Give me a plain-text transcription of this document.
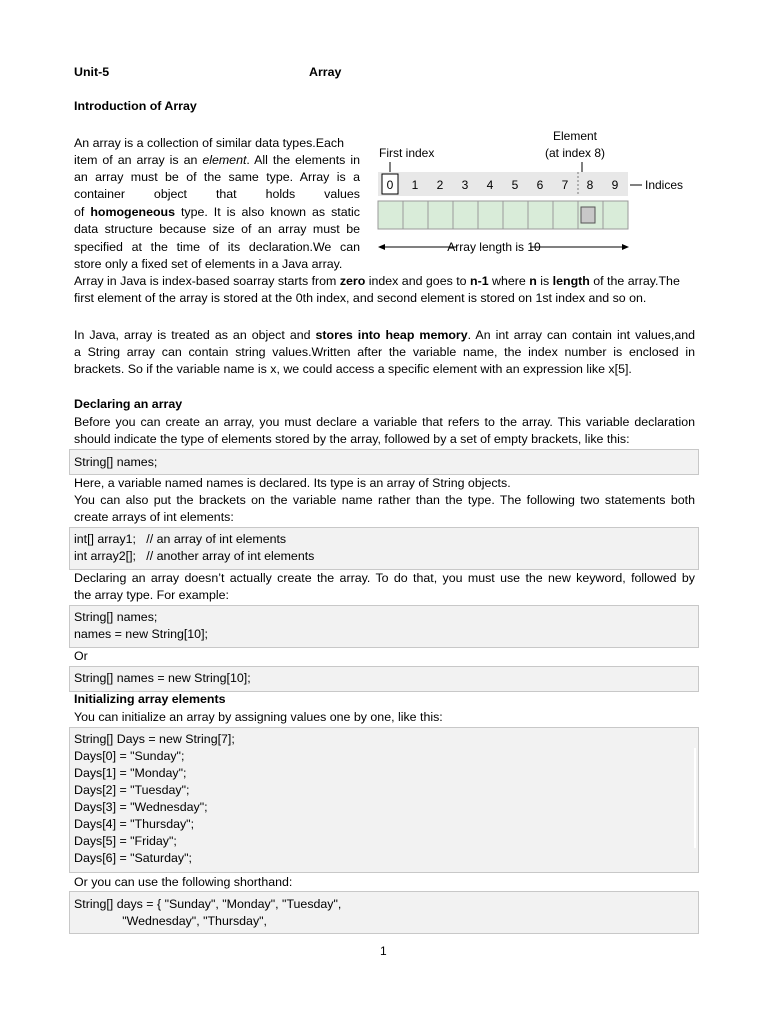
Unit-5	Array
Introduction of Array
An array is a collection of similar data types.Each
item of an array is an element. All the elements in
an array must be of the same type. Array is a
container object that holds values
of homogeneous type. It is also known as static
data structure because size of an array must be
specified at the time of its declaration.We can
store only a fixed set of elements in a Java array.
Element
(at index 8)
First index
0 1 2 3 4 5 6 7 8 9 Indices
Array length is 10
Array in Java is index-based soarray starts from zero index and goes to n-1 where n is length of the array.The
first element of the array is stored at the 0th index, and second element is stored on 1st index and so on.
In Java, array is treated as an object and stores into heap memory. An int array can contain int values,and
a String array can contain string values.Written after the variable name, the index number is enclosed in
brackets. So if the variable name is x, we could access a specific element with an expression like x[5].
Declaring an array
Before you can create an array, you must declare a variable that refers to the array. This variable declaration
should indicate the type of elements stored by the array, followed by a set of empty brackets, like this:
String[] names;
Here, a variable named names is declared. Its type is an array of String objects.
You can also put the brackets on the variable name rather than the type. The following two statements both
create arrays of int elements:
int[] array1;   // an array of int elements
int array2[];   // another array of int elements
Declaring an array doesn’t actually create the array. To do that, you must use the new keyword, followed by
the array type. For example:
String[] names;
names = new String[10];
Or
String[] names = new String[10];
Initializing array elements
You can initialize an array by assigning values one by one, like this:
String[] Days = new String[7];
Days[0] = "Sunday";
Days[1] = "Monday";
Days[2] = "Tuesday";
Days[3] = "Wednesday";
Days[4] = "Thursday";
Days[5] = "Friday";
Days[6] = "Saturday";
Or you can use the following shorthand:
String[] days = { "Sunday", "Monday", "Tuesday",
"Wednesday", "Thursday",
1
